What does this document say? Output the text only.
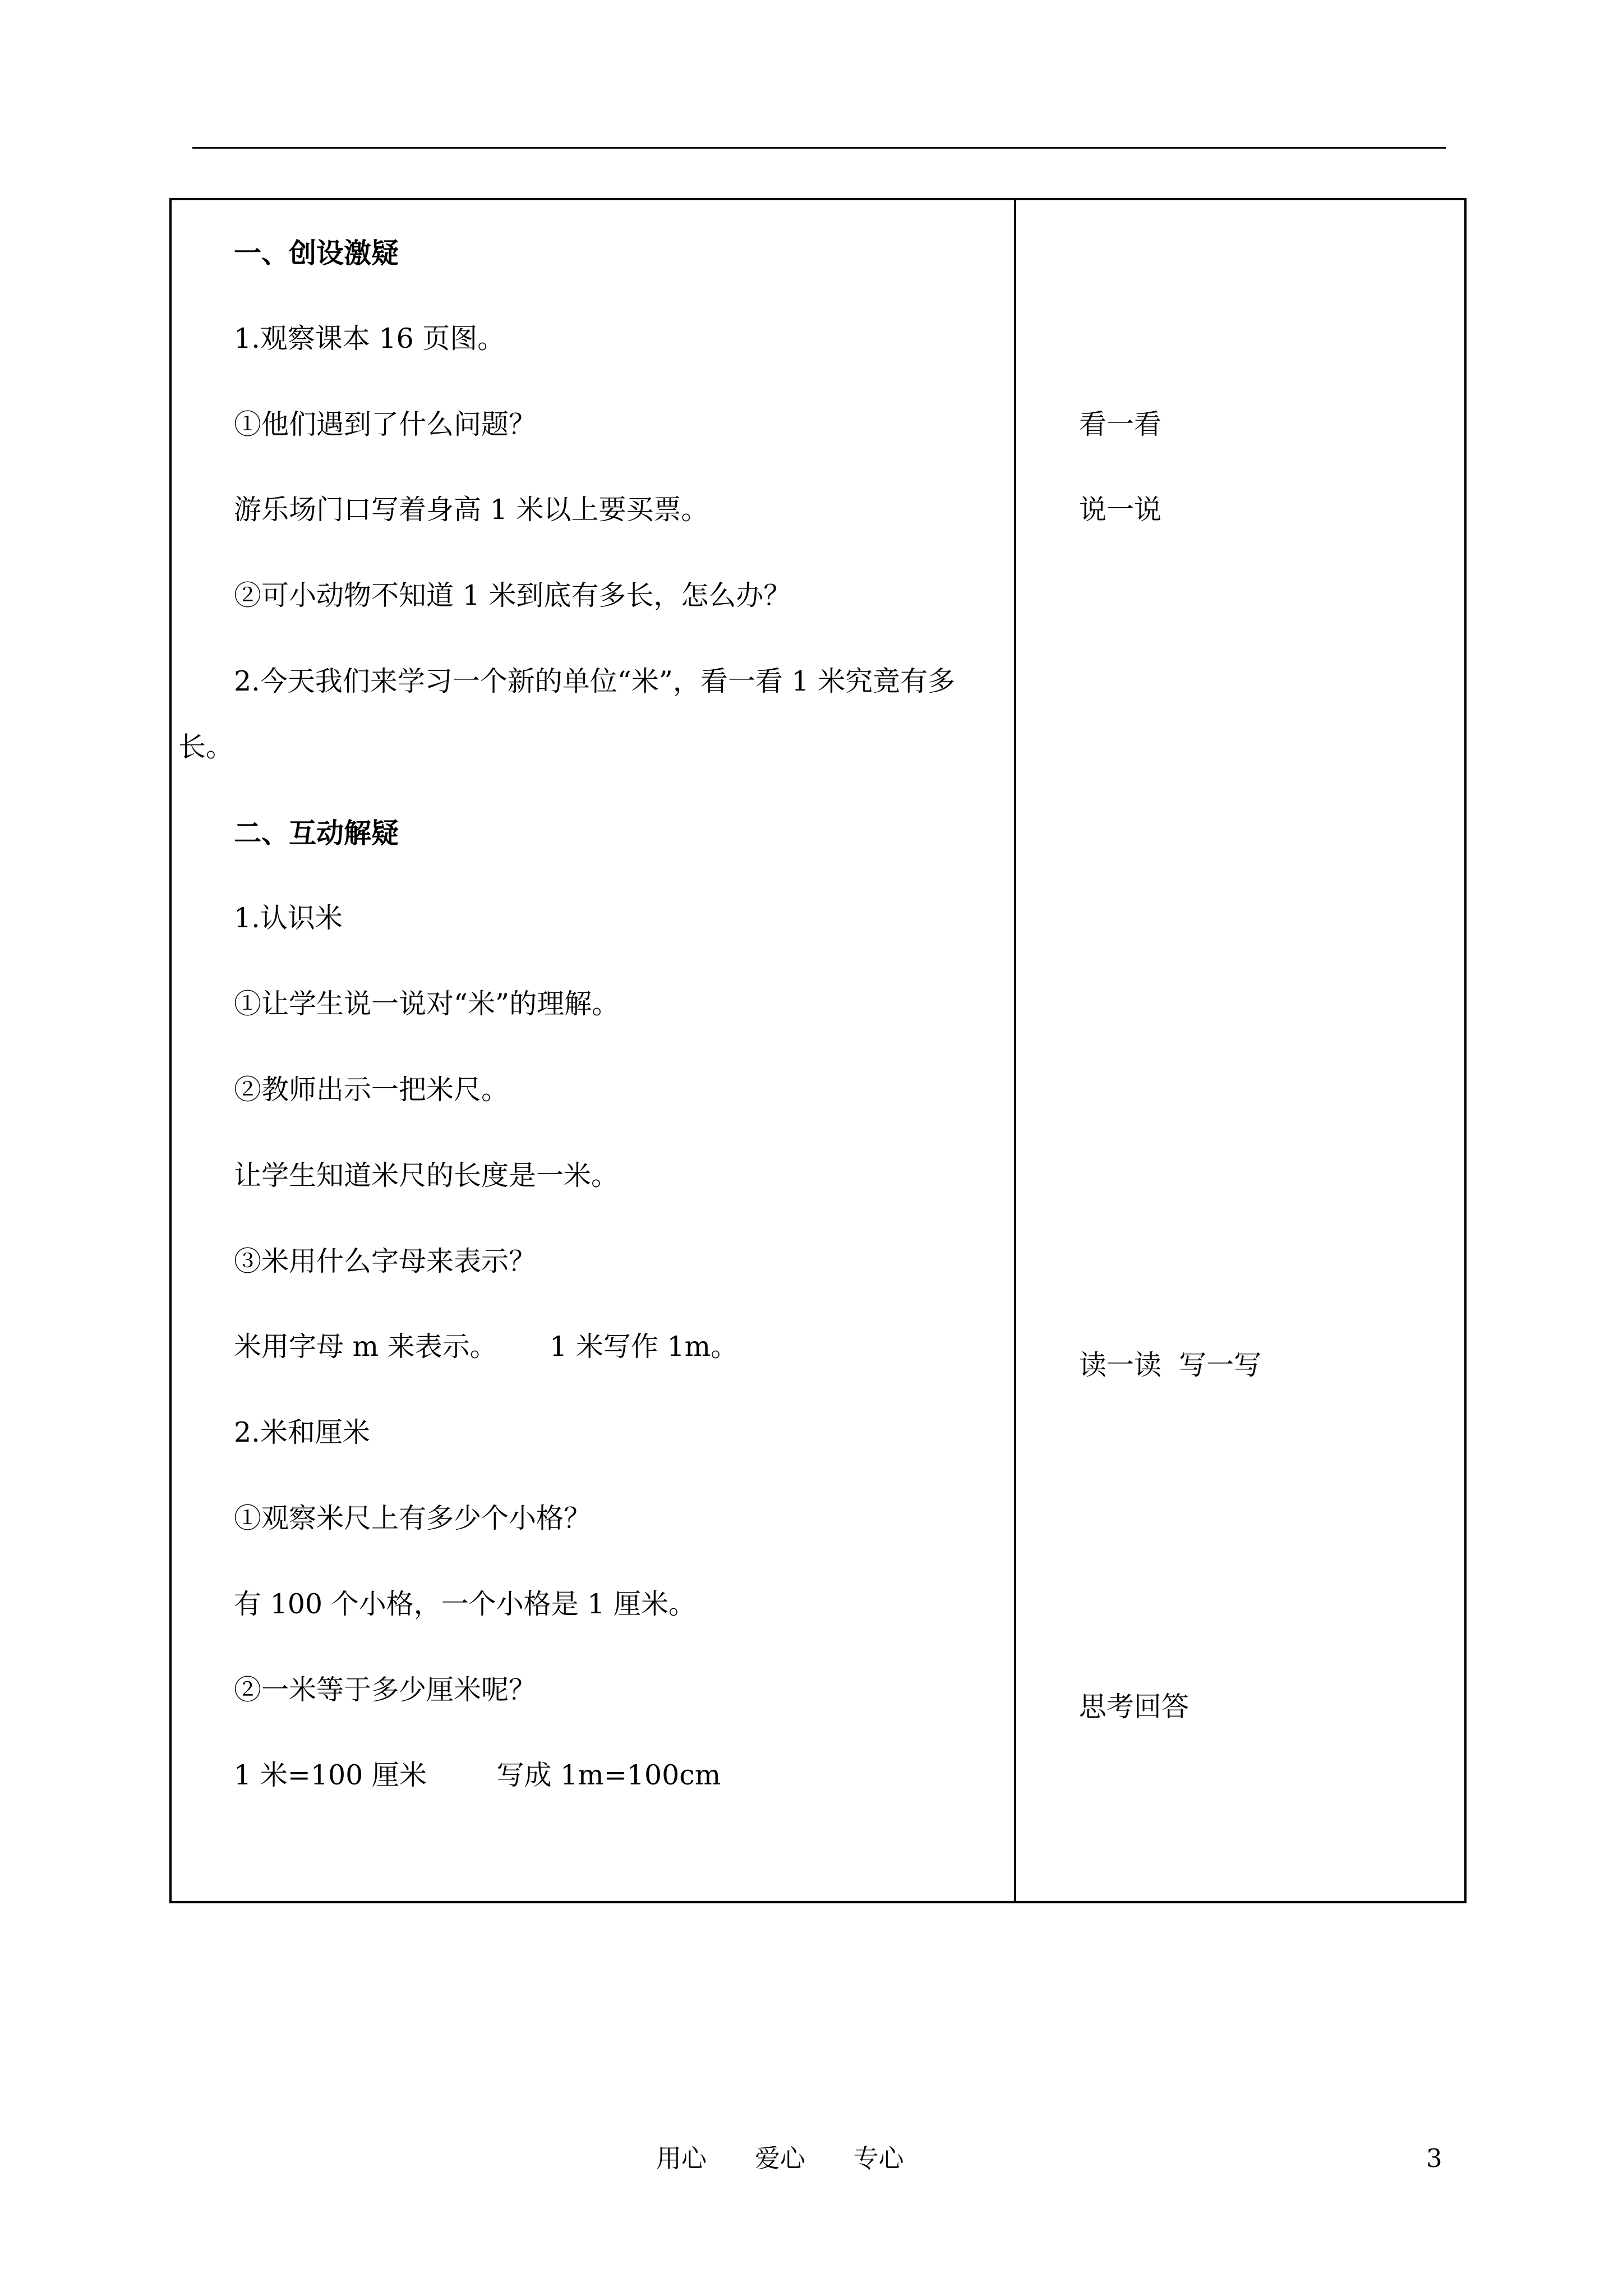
一、创设激疑
1.观察课本 16 页图。
①他们遇到了什么问题？
游乐场门口写着身高 1 米以上要买票。
②可小动物不知道 1 米到底有多长，怎么办？
2.今天我们来学习一个新的单位“米”，看一看 1 米究竟有多
长。
二、互动解疑
1.认识米
①让学生说一说对“米”的理解。
②教师出示一把米尺。
让学生知道米尺的长度是一米。
③米用什么字母来表示？
米用字母 m 来表示。      1 米写作 1m。
2.米和厘米
①观察米尺上有多少个小格？
有 100 个小格，一个小格是 1 厘米。
②一米等于多少厘米呢？
1 米=100 厘米        写成 1m=100cm
看一看
说一说
读一读  写一写
思考回答
用心      爱心      专心	3
